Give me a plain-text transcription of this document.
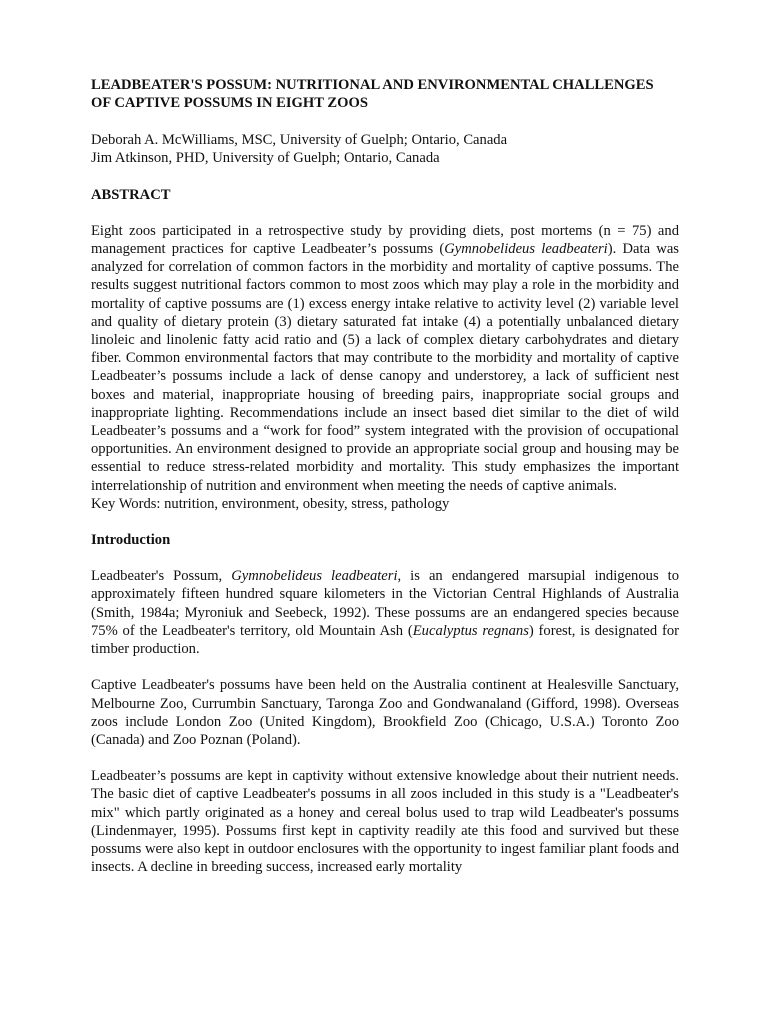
LEADBEATER'S POSSUM: NUTRITIONAL AND ENVIRONMENTAL CHALLENGES
OF CAPTIVE POSSUMS IN EIGHT ZOOS
Deborah A. McWilliams, MSC, University of Guelph; Ontario, Canada
Jim Atkinson, PHD, University of Guelph; Ontario, Canada
ABSTRACT
Eight zoos participated in a retrospective study by providing diets, post mortems (n = 75) and management practices for captive Leadbeater’s possums (Gymnobelideus leadbeateri). Data was analyzed for correlation of common factors in the morbidity and mortality of captive possums. The results suggest nutritional factors common to most zoos which may play a role in the morbidity and mortality of captive possums are (1) excess energy intake relative to activity level (2) variable level and quality of dietary protein (3) dietary saturated fat intake (4) a potentially unbalanced dietary linoleic and linolenic fatty acid ratio and (5) a lack of complex dietary carbohydrates and dietary fiber. Common environmental factors that may contribute to the morbidity and mortality of captive Leadbeater’s possums include a lack of dense canopy and understorey, a lack of sufficient nest boxes and material, inappropriate housing of breeding pairs, inappropriate social groups and inappropriate lighting. Recommendations include an insect based diet similar to the diet of wild Leadbeater’s possums and a “work for food” system integrated with the provision of occupational opportunities. An environment designed to provide an appropriate social group and housing may be essential to reduce stress-related morbidity and mortality. This study emphasizes the important interrelationship of nutrition and environment when meeting the needs of captive animals.
Key Words: nutrition, environment, obesity, stress, pathology
Introduction
Leadbeater's Possum, Gymnobelideus leadbeateri, is an endangered marsupial indigenous to approximately fifteen hundred square kilometers in the Victorian Central Highlands of Australia (Smith, 1984a; Myroniuk and Seebeck, 1992). These possums are an endangered species because 75% of the Leadbeater's territory, old Mountain Ash (Eucalyptus regnans) forest, is designated for timber production.
Captive Leadbeater's possums have been held on the Australia continent at Healesville Sanctuary, Melbourne Zoo, Currumbin Sanctuary, Taronga Zoo and Gondwanaland (Gifford, 1998). Overseas zoos include London Zoo (United Kingdom), Brookfield Zoo (Chicago, U.S.A.) Toronto Zoo (Canada) and Zoo Poznan (Poland).
Leadbeater’s possums are kept in captivity without extensive knowledge about their nutrient needs. The basic diet of captive Leadbeater's possums in all zoos included in this study is a "Leadbeater's mix" which partly originated as a honey and cereal bolus used to trap wild Leadbeater's possums (Lindenmayer, 1995). Possums first kept in captivity readily ate this food and survived but these possums were also kept in outdoor enclosures with the opportunity to ingest familiar plant foods and insects. A decline in breeding success, increased early mortality
